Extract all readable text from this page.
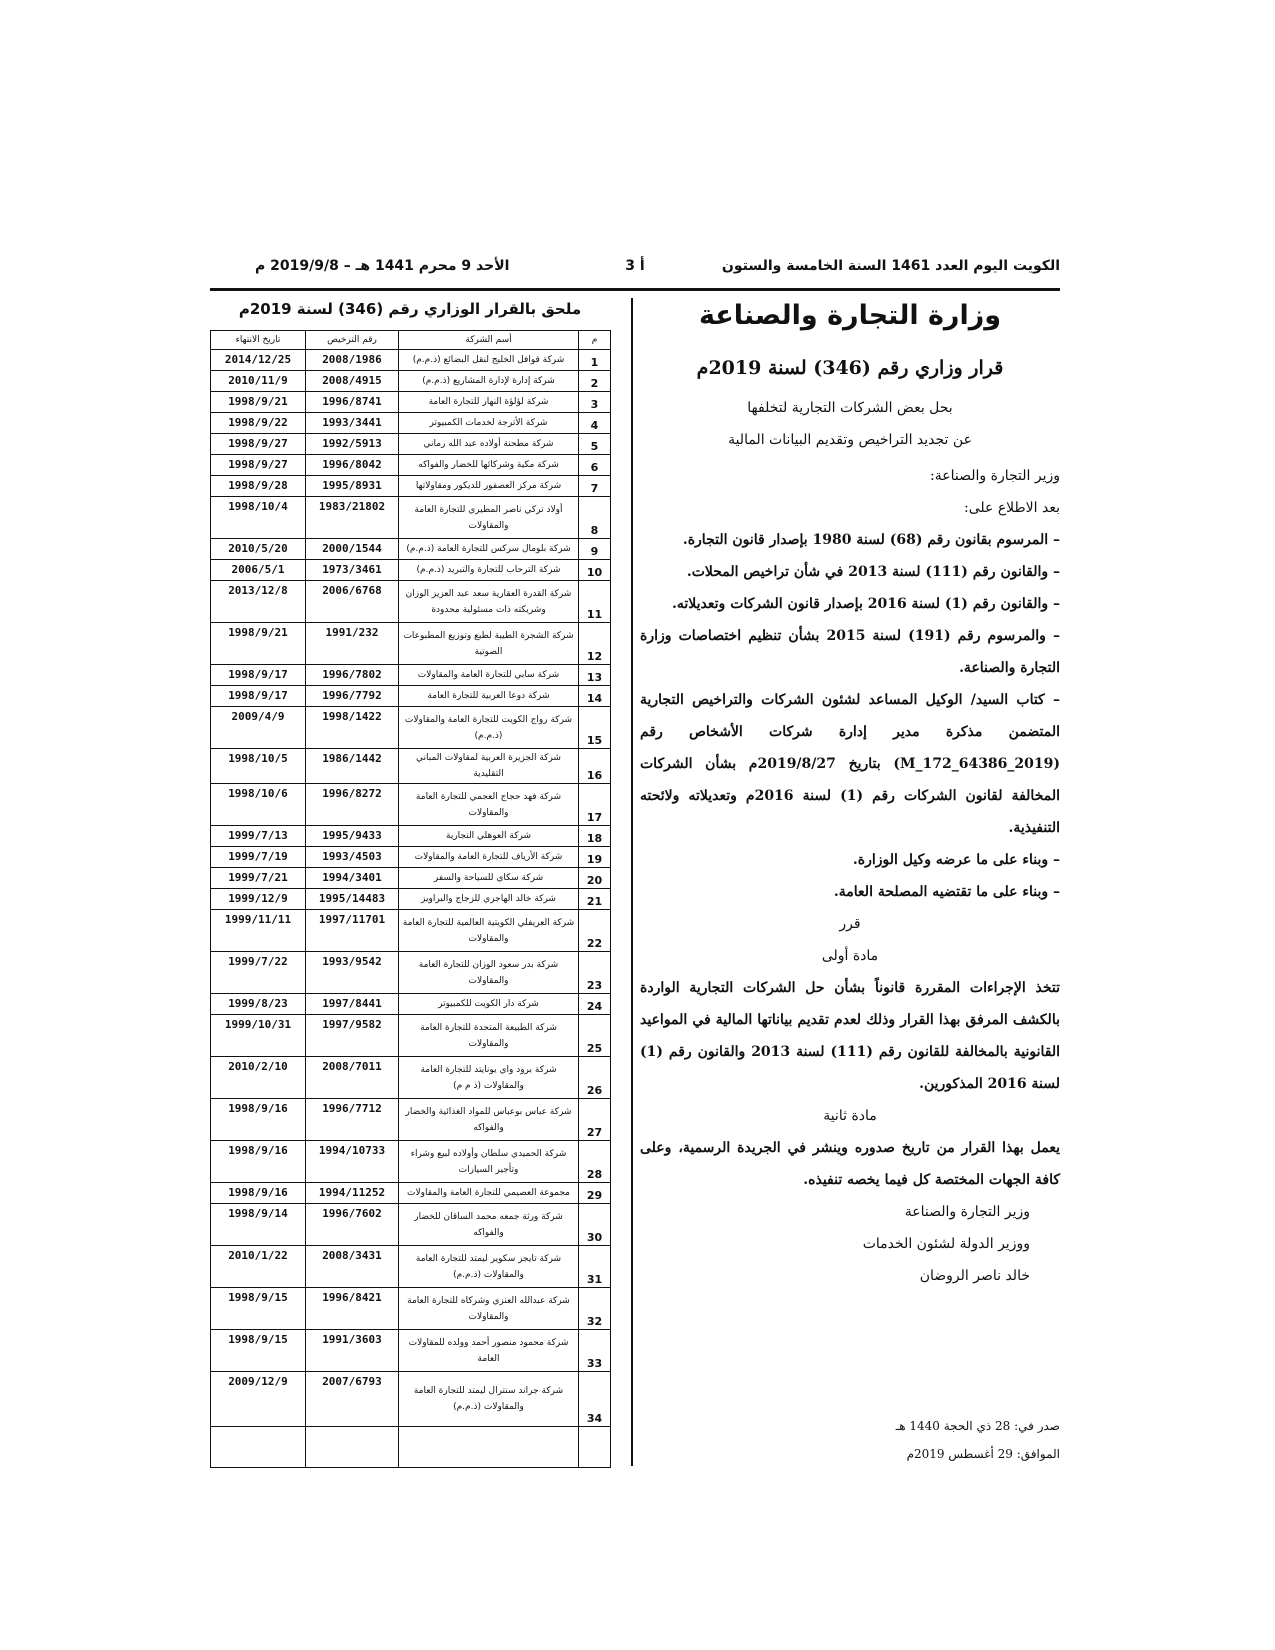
الكويت اليوم العدد 1461 السنة الخامسة والستون
أ 3
الأحد 9 محرم 1441 هـ – 2019/9/8 م
ملحق بالقرار الوزاري رقم (346) لسنة 2019م
م	أسم الشركة	رقم الترخيص	تاريخ الانتهاء
1	شركة قوافل الخليج لنقل البضائع (ذ.م.م)	2008/1986	2014/12/25
2	شركة إدارة لإدارة المشاريع (ذ.م.م)	2008/4915	2010/11/9
3	شركة لؤلؤة النهار للتجارة العامة	1996/8741	1998/9/21
4	شركة الأترجة لخدمات الكمبيوتر	1993/3441	1998/9/22
5	شركة مطحنة أولاده عبد الله رماني	1992/5913	1998/9/27
6	شركة مكية وشركائها للخضار والفواكه	1996/8042	1998/9/27
7	شركة مركز العصفور للديكور ومقاولاتها	1995/8931	1998/9/28
8	أولاد تركي ناصر المطيري للتجارة العامة والمقاولات	1983/21802	1998/10/4
9	شركة بلومال سركس للتجارة العامة (ذ.م.م)	2000/1544	2010/5/20
10	شركة الترحاب للتجارة والتبريد (ذ.م.م)	1973/3461	2006/5/1
11	شركة القدرة العقارية سعد عبد العزيز الوزان وشريكته ذات مسئولية محدودة	2006/6768	2013/12/8
12	شركة الشجرة الطيبة لطبع وتوزيع المطبوعات الصوتية	1991/232	1998/9/21
13	شركة سابي للتجارة العامة والمقاولات	1996/7802	1998/9/17
14	شركة دوعا العربية للتجارة العامة	1996/7792	1998/9/17
15	شركة رواج الكويت للتجارة العامة والمقاولات (ذ.م.م)	1998/1422	2009/4/9
16	شركة الجزيرة العربية لمقاولات المباني التقليدية	1986/1442	1998/10/5
17	شركة فهد حجاج العجمي للتجارة العامة والمقاولات	1996/8272	1998/10/6
18	شركة العوهلي التجارية	1995/9433	1999/7/13
19	شركة الأرياف للتجارة العامة والمقاولات	1993/4503	1999/7/19
20	شركة سكاي للسياحة والسفر	1994/3401	1999/7/21
21	شركة خالد الهاجري للزجاج والبراويز	1995/14483	1999/12/9
22	شركة العريفلي الكويتية العالمية للتجارة العامة والمقاولات	1997/11701	1999/11/11
23	شركة بدر سعود الوزان للتجارة العامة والمقاولات	1993/9542	1999/7/22
24	شركة دار الكويت للكمبيوتر	1997/8441	1999/8/23
25	شركة الطبيعة المتحدة للتجارة العامة والمقاولات	1997/9582	1999/10/31
26	شركة برود واي يونايتد للتجارة العامة والمقاولات (ذ م م)	2008/7011	2010/2/10
27	شركة عباس بوعباس للمواد الغذائية والخضار والفواكه	1996/7712	1998/9/16
28	شركة الحميدي سلطان وأولاده لبيع وشراء وتأجير السيارات	1994/10733	1998/9/16
29	مجموعة العصيمي للتجارة العامة والمقاولات	1994/11252	1998/9/16
30	شركة ورثة جمعه محمد الساقان للخضار والفواكه	1996/7602	1998/9/14
31	شركة تايجر سكوير ليمتد للتجارة العامة والمقاولات (ذ.م.م)	2008/3431	2010/1/22
32	شركة عبدالله العنزي وشركاه للتجارة العامة والمقاولات	1996/8421	1998/9/15
33	شركة محمود منصور أحمد وولده للمقاولات العامة	1991/3603	1998/9/15
34	شركة جراند سنترال ليمتد للتجارة العامة والمقاولات (ذ.م.م)	2007/6793	2009/12/9

وزارة التجارة والصناعة
قرار وزاري رقم (346) لسنة 2019م
بحل بعض الشركات التجارية لتخلفها
عن تجديد التراخيص وتقديم البيانات المالية

وزير التجارة والصناعة:

بعد الاطلاع على:

– المرسوم بقانون رقم (68) لسنة 1980 بإصدار قانون التجارة.

– والقانون رقم (111) لسنة 2013 في شأن تراخيص المحلات.

– والقانون رقم (1) لسنة 2016 بإصدار قانون الشركات وتعديلاته.

– والمرسوم رقم (191) لسنة 2015 بشأن تنظيم اختصاصات وزارة التجارة والصناعة.

– كتاب السيد/ الوكيل المساعد لشئون الشركات والتراخيص التجارية المتضمن مذكرة مدير إدارة شركات الأشخاص رقم (M_172_64386_2019) بتاريخ 2019/8/27م بشأن الشركات المخالفة لقانون الشركات رقم (1) لسنة 2016م وتعديلاته ولائحته التنفيذية.

– وبناء على ما عرضه وكيل الوزارة.

– وبناء على ما تقتضيه المصلحة العامة.

قرر

مادة أولى

تتخذ الإجراءات المقررة قانوناً بشأن حل الشركات التجارية الواردة بالكشف المرفق بهذا القرار وذلك لعدم تقديم بياناتها المالية في المواعيد القانونية بالمخالفة للقانون رقم (111) لسنة 2013 والقانون رقم (1) لسنة 2016 المذكورين.

مادة ثانية

يعمل بهذا القرار من تاريخ صدوره وينشر في الجريدة الرسمية، وعلى كافة الجهات المختصة كل فيما يخصه تنفيذه.

وزير التجارة والصناعة

ووزير الدولة لشئون الخدمات

خالد ناصر الروضان

صدر في: 28 ذي الحجة 1440 هـ
الموافق: 29 أغسطس 2019م
